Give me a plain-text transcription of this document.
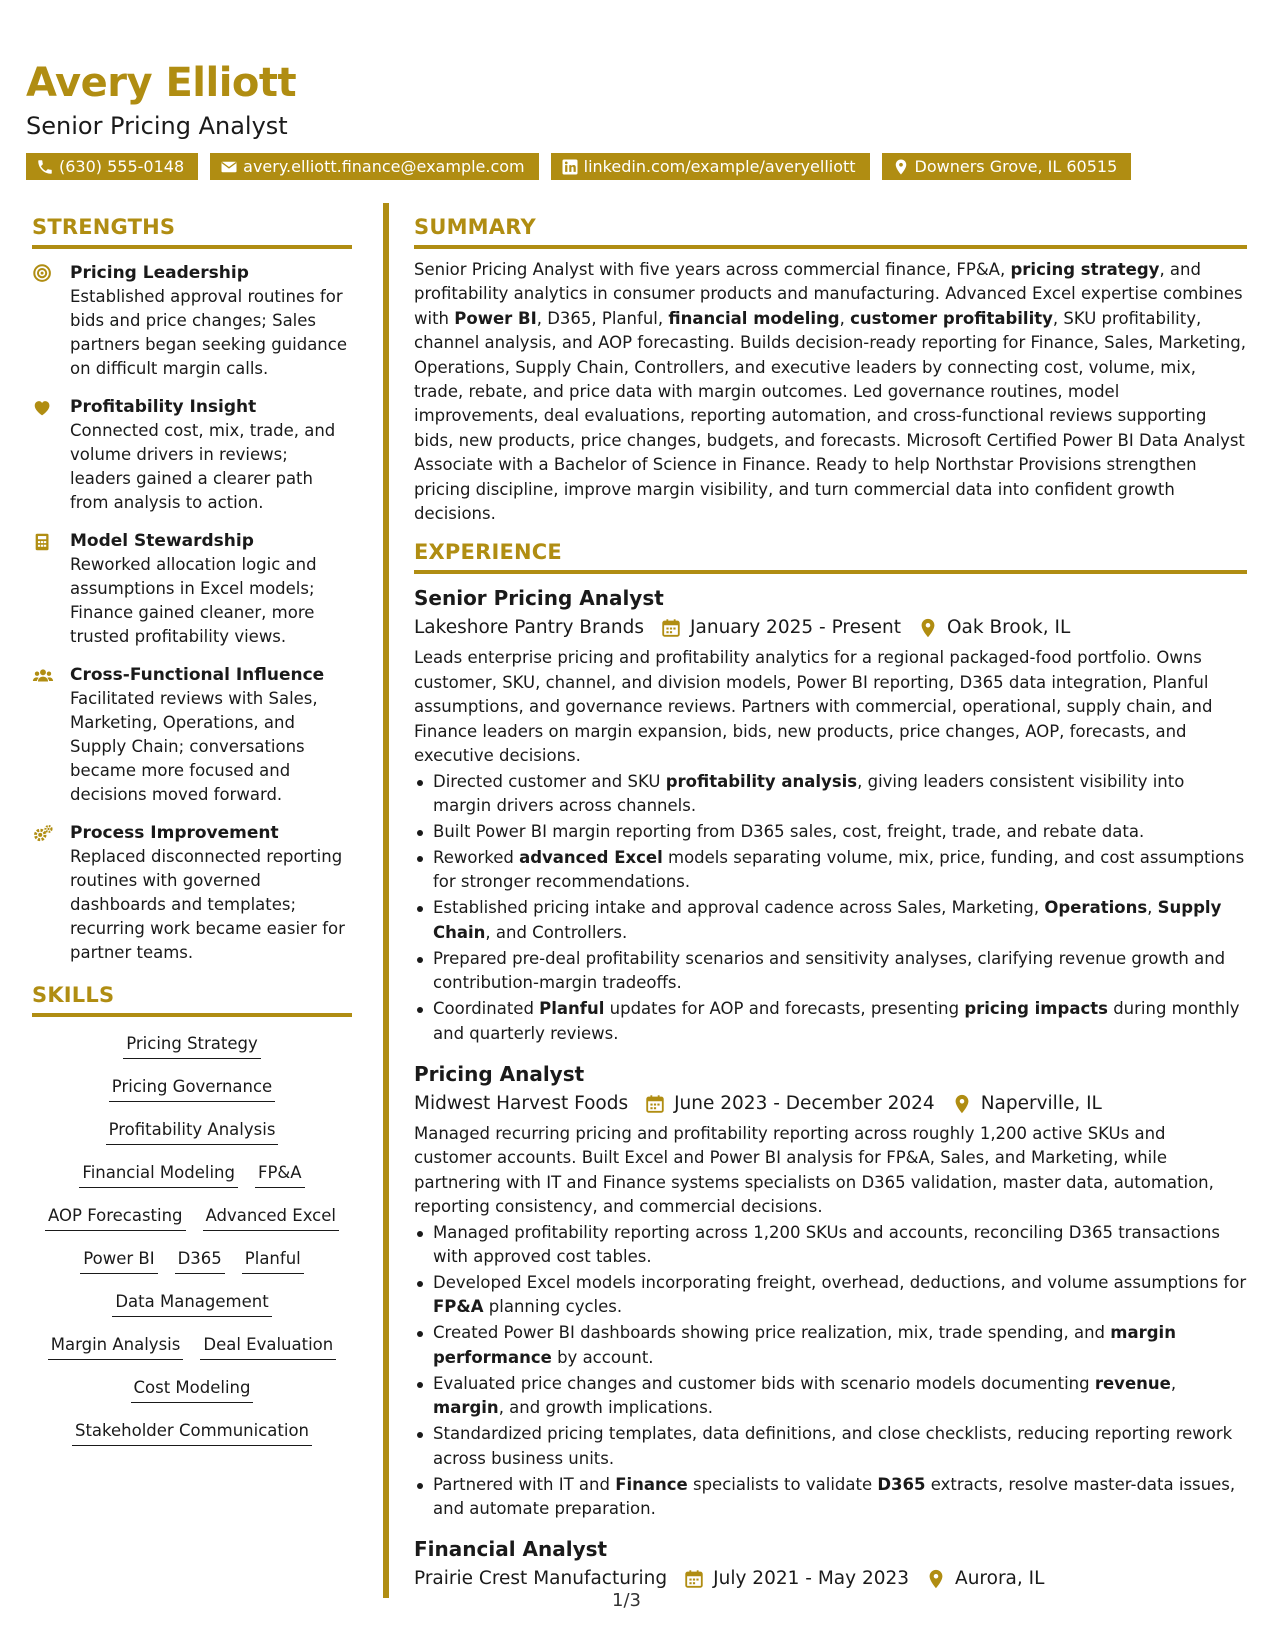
Avery Elliott
Senior Pricing Analyst
(630) 555-0148	avery.elliott.finance@example.com	linkedin.com/example/averyelliott	Downers Grove, IL 60515
STRENGTHS
Pricing Leadership
Established approval routines for bids and price changes; Sales partners began seeking guidance on difficult margin calls.
Profitability Insight
Connected cost, mix, trade, and volume drivers in reviews; leaders gained a clearer path from analysis to action.
Model Stewardship
Reworked allocation logic and assumptions in Excel models; Finance gained cleaner, more trusted profitability views.
Cross-Functional Influence
Facilitated reviews with Sales, Marketing, Operations, and Supply Chain; conversations became more focused and decisions moved forward.
Process Improvement
Replaced disconnected reporting routines with governed dashboards and templates; recurring work became easier for partner teams.
SKILLS
Pricing Strategy
Pricing Governance
Profitability Analysis
Financial Modeling FP&A
AOP Forecasting Advanced Excel
Power BI D365 Planful
Data Management
Margin Analysis Deal Evaluation
Cost Modeling
Stakeholder Communication
SUMMARY
Senior Pricing Analyst with five years across commercial finance, FP&A, pricing strategy, and profitability analytics in consumer products and manufacturing. Advanced Excel expertise combines with Power BI, D365, Planful, financial modeling, customer profitability, SKU profitability, channel analysis, and AOP forecasting. Builds decision-ready reporting for Finance, Sales, Marketing, Operations, Supply Chain, Controllers, and executive leaders by connecting cost, volume, mix, trade, rebate, and price data with margin outcomes. Led governance routines, model improvements, deal evaluations, reporting automation, and cross-functional reviews supporting bids, new products, price changes, budgets, and forecasts. Microsoft Certified Power BI Data Analyst Associate with a Bachelor of Science in Finance. Ready to help Northstar Provisions strengthen pricing discipline, improve margin visibility, and turn commercial data into confident growth decisions.
EXPERIENCE
Senior Pricing Analyst
Lakeshore Pantry Brands January 2025 - Present Oak Brook, IL
Leads enterprise pricing and profitability analytics for a regional packaged-food portfolio. Owns customer, SKU, channel, and division models, Power BI reporting, D365 data integration, Planful assumptions, and governance reviews. Partners with commercial, operational, supply chain, and Finance leaders on margin expansion, bids, new products, price changes, AOP, forecasts, and executive decisions.
Directed customer and SKU profitability analysis, giving leaders consistent visibility into margin drivers across channels.
Built Power BI margin reporting from D365 sales, cost, freight, trade, and rebate data.
Reworked advanced Excel models separating volume, mix, price, funding, and cost assumptions for stronger recommendations.
Established pricing intake and approval cadence across Sales, Marketing, Operations, Supply Chain, and Controllers.
Prepared pre-deal profitability scenarios and sensitivity analyses, clarifying revenue growth and contribution-margin tradeoffs.
Coordinated Planful updates for AOP and forecasts, presenting pricing impacts during monthly and quarterly reviews.
Pricing Analyst
Midwest Harvest Foods June 2023 - December 2024 Naperville, IL
Managed recurring pricing and profitability reporting across roughly 1,200 active SKUs and customer accounts. Built Excel and Power BI analysis for FP&A, Sales, and Marketing, while partnering with IT and Finance systems specialists on D365 validation, master data, automation, reporting consistency, and commercial decisions.
Managed profitability reporting across 1,200 SKUs and accounts, reconciling D365 transactions with approved cost tables.
Developed Excel models incorporating freight, overhead, deductions, and volume assumptions for FP&A planning cycles.
Created Power BI dashboards showing price realization, mix, trade spending, and margin performance by account.
Evaluated price changes and customer bids with scenario models documenting revenue, margin, and growth implications.
Standardized pricing templates, data definitions, and close checklists, reducing reporting rework across business units.
Partnered with IT and Finance specialists to validate D365 extracts, resolve master-data issues, and automate preparation.
Financial Analyst
Prairie Crest Manufacturing July 2021 - May 2023 Aurora, IL
1/3
